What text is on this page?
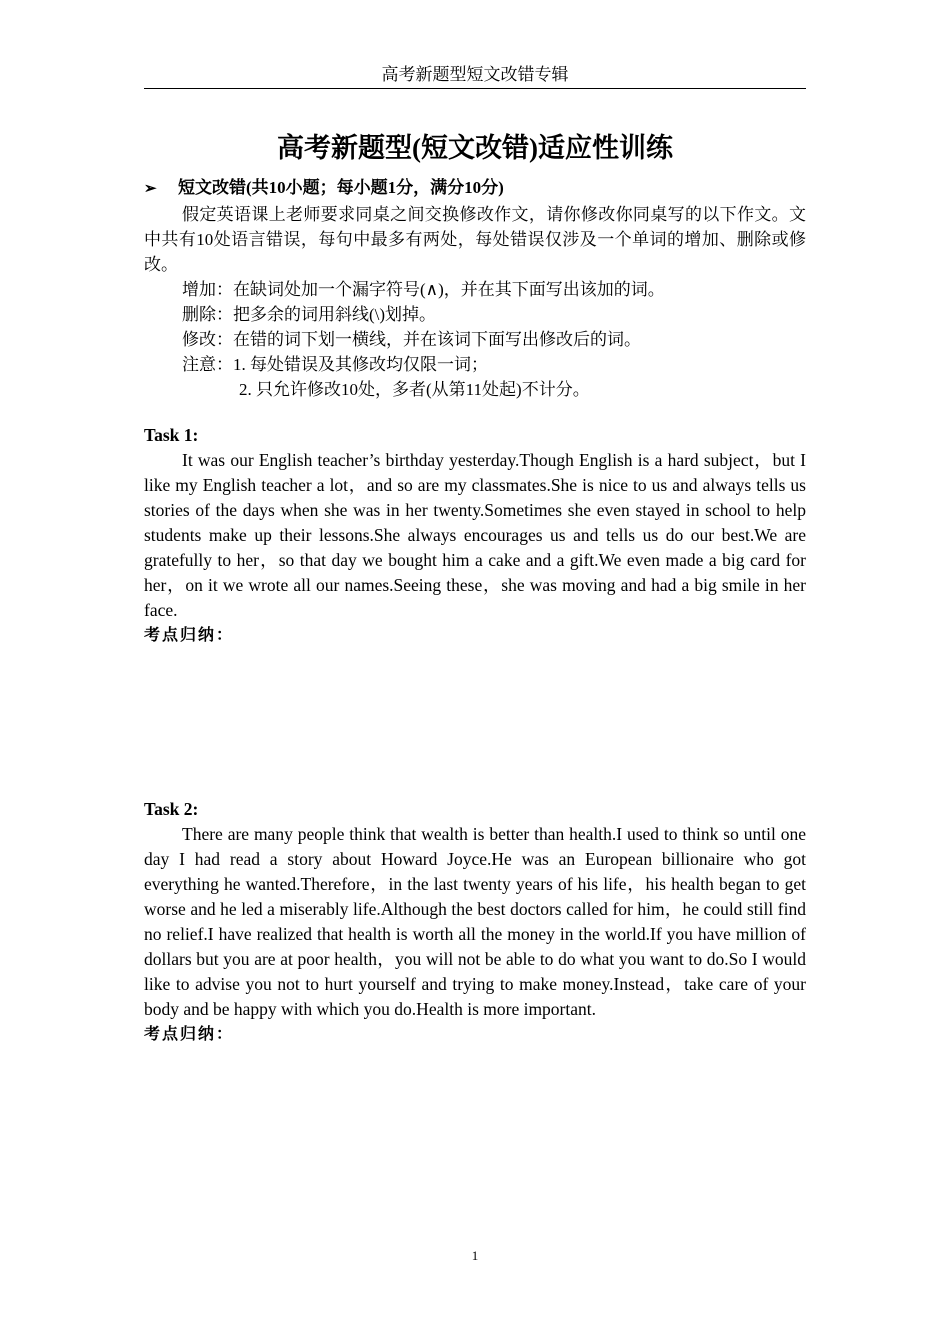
高考新题型短文改错专辑
高考新题型(短文改错)适应性训练

➢ 短文改错(共10小题；每小题1分，满分10分)

假定英语课上老师要求同桌之间交换修改作文，请你修改你同桌写的以下作文。文中共有10处语言错误，每句中最多有两处，每处错误仅涉及一个单词的增加、删除或修改。

增加：在缺词处加一个漏字符号(∧)，并在其下面写出该加的词。

删除：把多余的词用斜线(\)划掉。

修改：在错的词下划一横线，并在该词下面写出修改后的词。

注意：1. 每处错误及其修改均仅限一词；

2. 只允许修改10处，多者(从第11处起)不计分。

Task 1:

It was our English teacher’s birthday yesterday.Though English is a hard subject，but I like my English teacher a lot，and so are my classmates.She is nice to us and always tells us stories of the days when she was in her twenty.Sometimes she even stayed in school to help students make up their lessons.She always encourages us and tells us do our best.We are gratefully to her，so that day we bought him a cake and a gift.We even made a big card for her，on it we wrote all our names.Seeing these，she was moving and had a big smile in her face.

考点归纳：

Task 2:

There are many people think that wealth is better than health.I used to think so until one day I had read a story about Howard Joyce.He was an European billionaire who got everything he wanted.Therefore，in the last twenty years of his life，his health began to get worse and he led a miserably life.Although the best doctors called for him，he could still find no relief.I have realized that health is worth all the money in the world.If you have million of dollars but you are at poor health，you will not be able to do what you want to do.So I would like to advise you not to hurt yourself and trying to make money.Instead，take care of your body and be happy with which you do.Health is more important.

考点归纳：

1
